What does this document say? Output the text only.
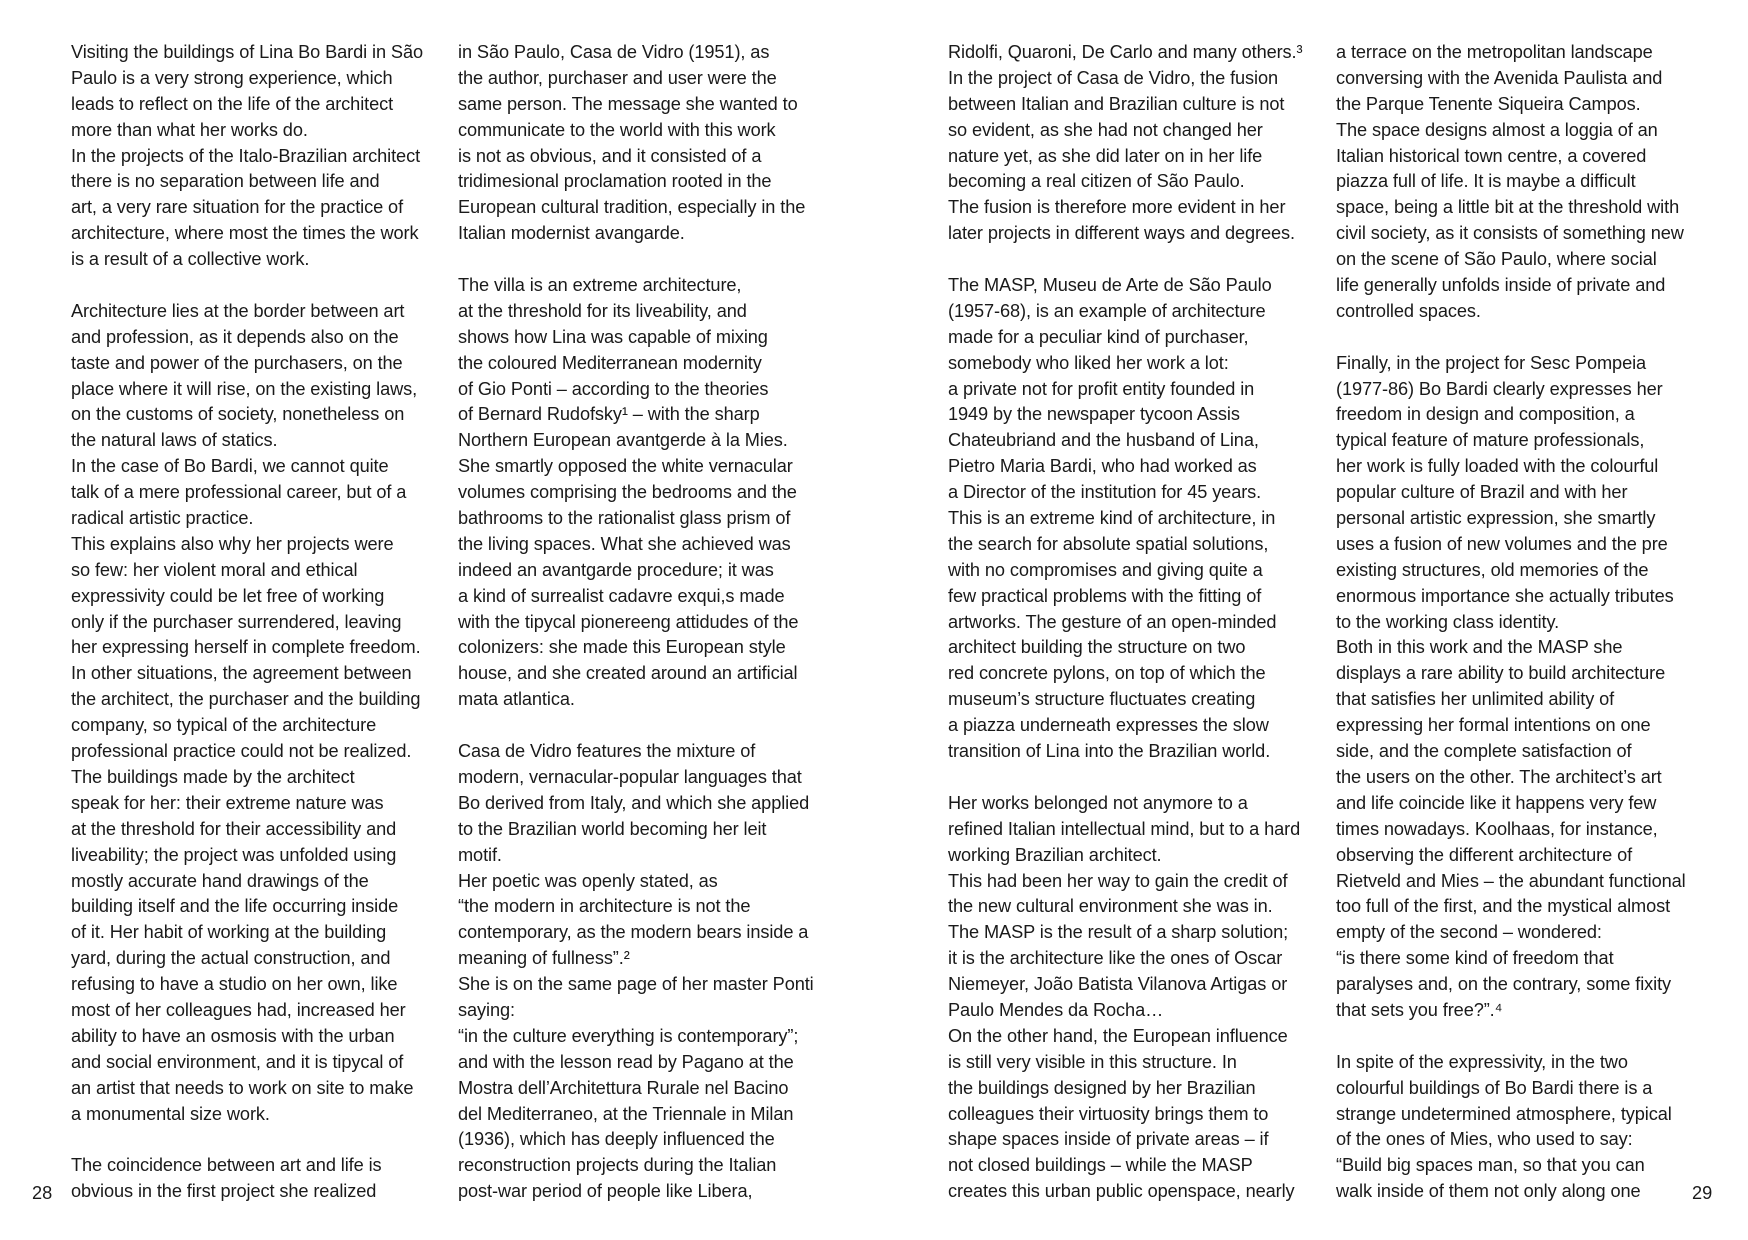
Visiting the buildings of Lina Bo Bardi in São
Paulo is a very strong experience, which
leads to reflect on the life of the architect
more than what her works do.
In the projects of the Italo-Brazilian architect
there is no separation between life and
art, a very rare situation for the practice of
architecture, where most the times the work
is a result of a collective work.
Architecture lies at the border between art
and profession, as it depends also on the
taste and power of the purchasers, on the
place where it will rise, on the existing laws,
on the customs of society, nonetheless on
the natural laws of statics.
In the case of Bo Bardi, we cannot quite
talk of a mere professional career, but of a
radical artistic practice.
This explains also why her projects were
so few: her violent moral and ethical
expressivity could be let free of working
only if the purchaser surrendered, leaving
her expressing herself in complete freedom.
In other situations, the agreement between
the architect, the purchaser and the building
company, so typical of the architecture
professional practice could not be realized.
The buildings made by the architect
speak for her: their extreme nature was
at the threshold for their accessibility and
liveability; the project was unfolded using
mostly accurate hand drawings of the
building itself and the life occurring inside
of it. Her habit of working at the building
yard, during the actual construction, and
refusing to have a studio on her own, like
most of her colleagues had, increased her
ability to have an osmosis with the urban
and social environment, and it is tipycal of
an artist that needs to work on site to make
a monumental size work.
The coincidence between art and life is
obvious in the first project she realized
in São Paulo, Casa de Vidro (1951), as
the author, purchaser and user were the
same person. The message she wanted to
communicate to the world with this work
is not as obvious, and it consisted of a
tridimesional proclamation rooted in the
European cultural tradition, especially in the
Italian modernist avangarde.
The villa is an extreme architecture,
at the threshold for its liveability, and
shows how Lina was capable of mixing
the coloured Mediterranean modernity
of Gio Ponti – according to the theories
of Bernard Rudofsky¹ – with the sharp
Northern European avantgerde à la Mies.
She smartly opposed the white vernacular
volumes comprising the bedrooms and the
bathrooms to the rationalist glass prism of
the living spaces. What she achieved was
indeed an avantgarde procedure; it was
a kind of surrealist cadavre exqui,s made
with the tipycal pionereeng attidudes of the
colonizers: she made this European style
house, and she created around an artificial
mata atlantica.
Casa de Vidro features the mixture of
modern, vernacular-popular languages that
Bo derived from Italy, and which she applied
to the Brazilian world becoming her leit
motif.
Her poetic was openly stated, as
“the modern in architecture is not the
contemporary, as the modern bears inside a
meaning of fullness”.²
She is on the same page of her master Ponti
saying:
“in the culture everything is contemporary”;
and with the lesson read by Pagano at the
Mostra dell’Architettura Rurale nel Bacino
del Mediterraneo, at the Triennale in Milan
(1936), which has deeply influenced the
reconstruction projects during the Italian
post-war period of people like Libera,
Ridolfi, Quaroni, De Carlo and many others.³
In the project of Casa de Vidro, the fusion
between Italian and Brazilian culture is not
so evident, as she had not changed her
nature yet, as she did later on in her life
becoming a real citizen of São Paulo.
The fusion is therefore more evident in her
later projects in different ways and degrees.
The MASP, Museu de Arte de São Paulo
(1957-68), is an example of architecture
made for a peculiar kind of purchaser,
somebody who liked her work a lot:
a private not for profit entity founded in
1949 by the newspaper tycoon Assis
Chateubriand and the husband of Lina,
Pietro Maria Bardi, who had worked as
a Director of the institution for 45 years.
This is an extreme kind of architecture, in
the search for absolute spatial solutions,
with no compromises and giving quite a
few practical problems with the fitting of
artworks. The gesture of an open-minded
architect building the structure on two
red concrete pylons, on top of which the
museum’s structure fluctuates creating
a piazza underneath expresses the slow
transition of Lina into the Brazilian world.
Her works belonged not anymore to a
refined Italian intellectual mind, but to a hard
working Brazilian architect.
This had been her way to gain the credit of
the new cultural environment she was in.
The MASP is the result of a sharp solution;
it is the architecture like the ones of Oscar
Niemeyer, João Batista Vilanova Artigas or
Paulo Mendes da Rocha…
On the other hand, the European influence
is still very visible in this structure. In
the buildings designed by her Brazilian
colleagues their virtuosity brings them to
shape spaces inside of private areas – if
not closed buildings – while the MASP
creates this urban public openspace, nearly
a terrace on the metropolitan landscape
conversing with the Avenida Paulista and
the Parque Tenente Siqueira Campos.
The space designs almost a loggia of an
Italian historical town centre, a covered
piazza full of life. It is maybe a difficult
space, being a little bit at the threshold with
civil society, as it consists of something new
on the scene of São Paulo, where social
life generally unfolds inside of private and
controlled spaces.
Finally, in the project for Sesc Pompeia
(1977-86) Bo Bardi clearly expresses her
freedom in design and composition, a
typical feature of mature professionals,
her work is fully loaded with the colourful
popular culture of Brazil and with her
personal artistic expression, she smartly
uses a fusion of new volumes and the pre
existing structures, old memories of the
enormous importance she actually tributes
to the working class identity.
Both in this work and the MASP she
displays a rare ability to build architecture
that satisfies her unlimited ability of
expressing her formal intentions on one
side, and the complete satisfaction of
the users on the other. The architect’s art
and life coincide like it happens very few
times nowadays. Koolhaas, for instance,
observing the different architecture of
Rietveld and Mies – the abundant functional
too full of the first, and the mystical almost
empty of the second – wondered:
“is there some kind of freedom that
paralyses and, on the contrary, some fixity
that sets you free?”.⁴
In spite of the expressivity, in the two
colourful buildings of Bo Bardi there is a
strange undetermined atmosphere, typical
of the ones of Mies, who used to say:
“Build big spaces man, so that you can
walk inside of them not only along one
28	29
